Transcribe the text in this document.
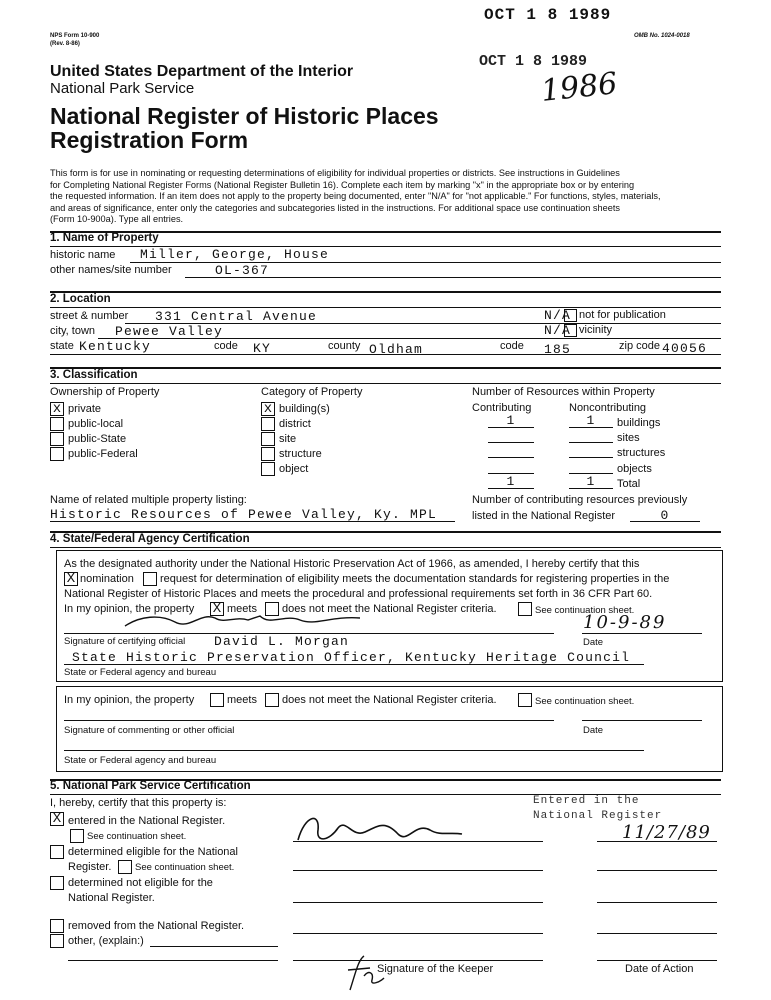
OCT 1 8 1989
OCT 1 8 1989
1986
NPS Form 10-900
(Rev. 8-86)
OMB No. 1024-0018
United States Department of the Interior
National Park Service
National Register of Historic Places
Registration Form
This form is for use in nominating or requesting determinations of eligibility for individual properties or districts. See instructions in Guidelines
for Completing National Register Forms (National Register Bulletin 16). Complete each item by marking "x" in the appropriate box or by entering
the requested information. If an item does not apply to the property being documented, enter "N/A" for "not applicable." For functions, styles, materials,
and areas of significance, enter only the categories and subcategories listed in the instructions. For additional space use continuation sheets
(Form 10-900a). Type all entries.
1. Name of Property
historic name Miller, George, House
other names/site number	OL-367
2. Location
street & number 331 Central Avenue	N/A not for publication
city, town Pewee Valley	N/A vicinity
state Kentucky	code KY	county Oldham	code 185	zip code 40056
3. Classification
Ownership of Property	Category of Property	Number of Resources within Property
x private
public-local
public-State
public-Federal
x building(s)
district
site
structure
object
Contributing	Noncontributing
1	1	buildings
sites
structures
objects
1	1	Total
Name of related multiple property listing:
Historic Resources of Pewee Valley, Ky. MPL
Number of contributing resources previously
listed in the National Register	0
4. State/Federal Agency Certification
As the designated authority under the National Historic Preservation Act of 1966, as amended, I hereby certify that this
X nomination request for determination of eligibility meets the documentation standards for registering properties in the
National Register of Historic Places and meets the procedural and professional requirements set forth in 36 CFR Part 60.
In my opinion, the property X meets does not meet the National Register criteria.	See continuation sheet.
10-9-89
Signature of certifying official David L. Morgan	Date
State Historic Preservation Officer, Kentucky Heritage Council
State or Federal agency and bureau
In my opinion, the property	meets does not meet the National Register criteria.	See continuation sheet.
Signature of commenting or other official	Date
State or Federal agency and bureau
5. National Park Service Certification
I, hereby, certify that this property is:
X entered in the National Register.
See continuation sheet.
determined eligible for the National
Register. See continuation sheet.
determined not eligible for the
National Register.
removed from the National Register.
other, (explain:)
Entered in the
National Register
11/27/89
Signature of the Keeper	Date of Action
